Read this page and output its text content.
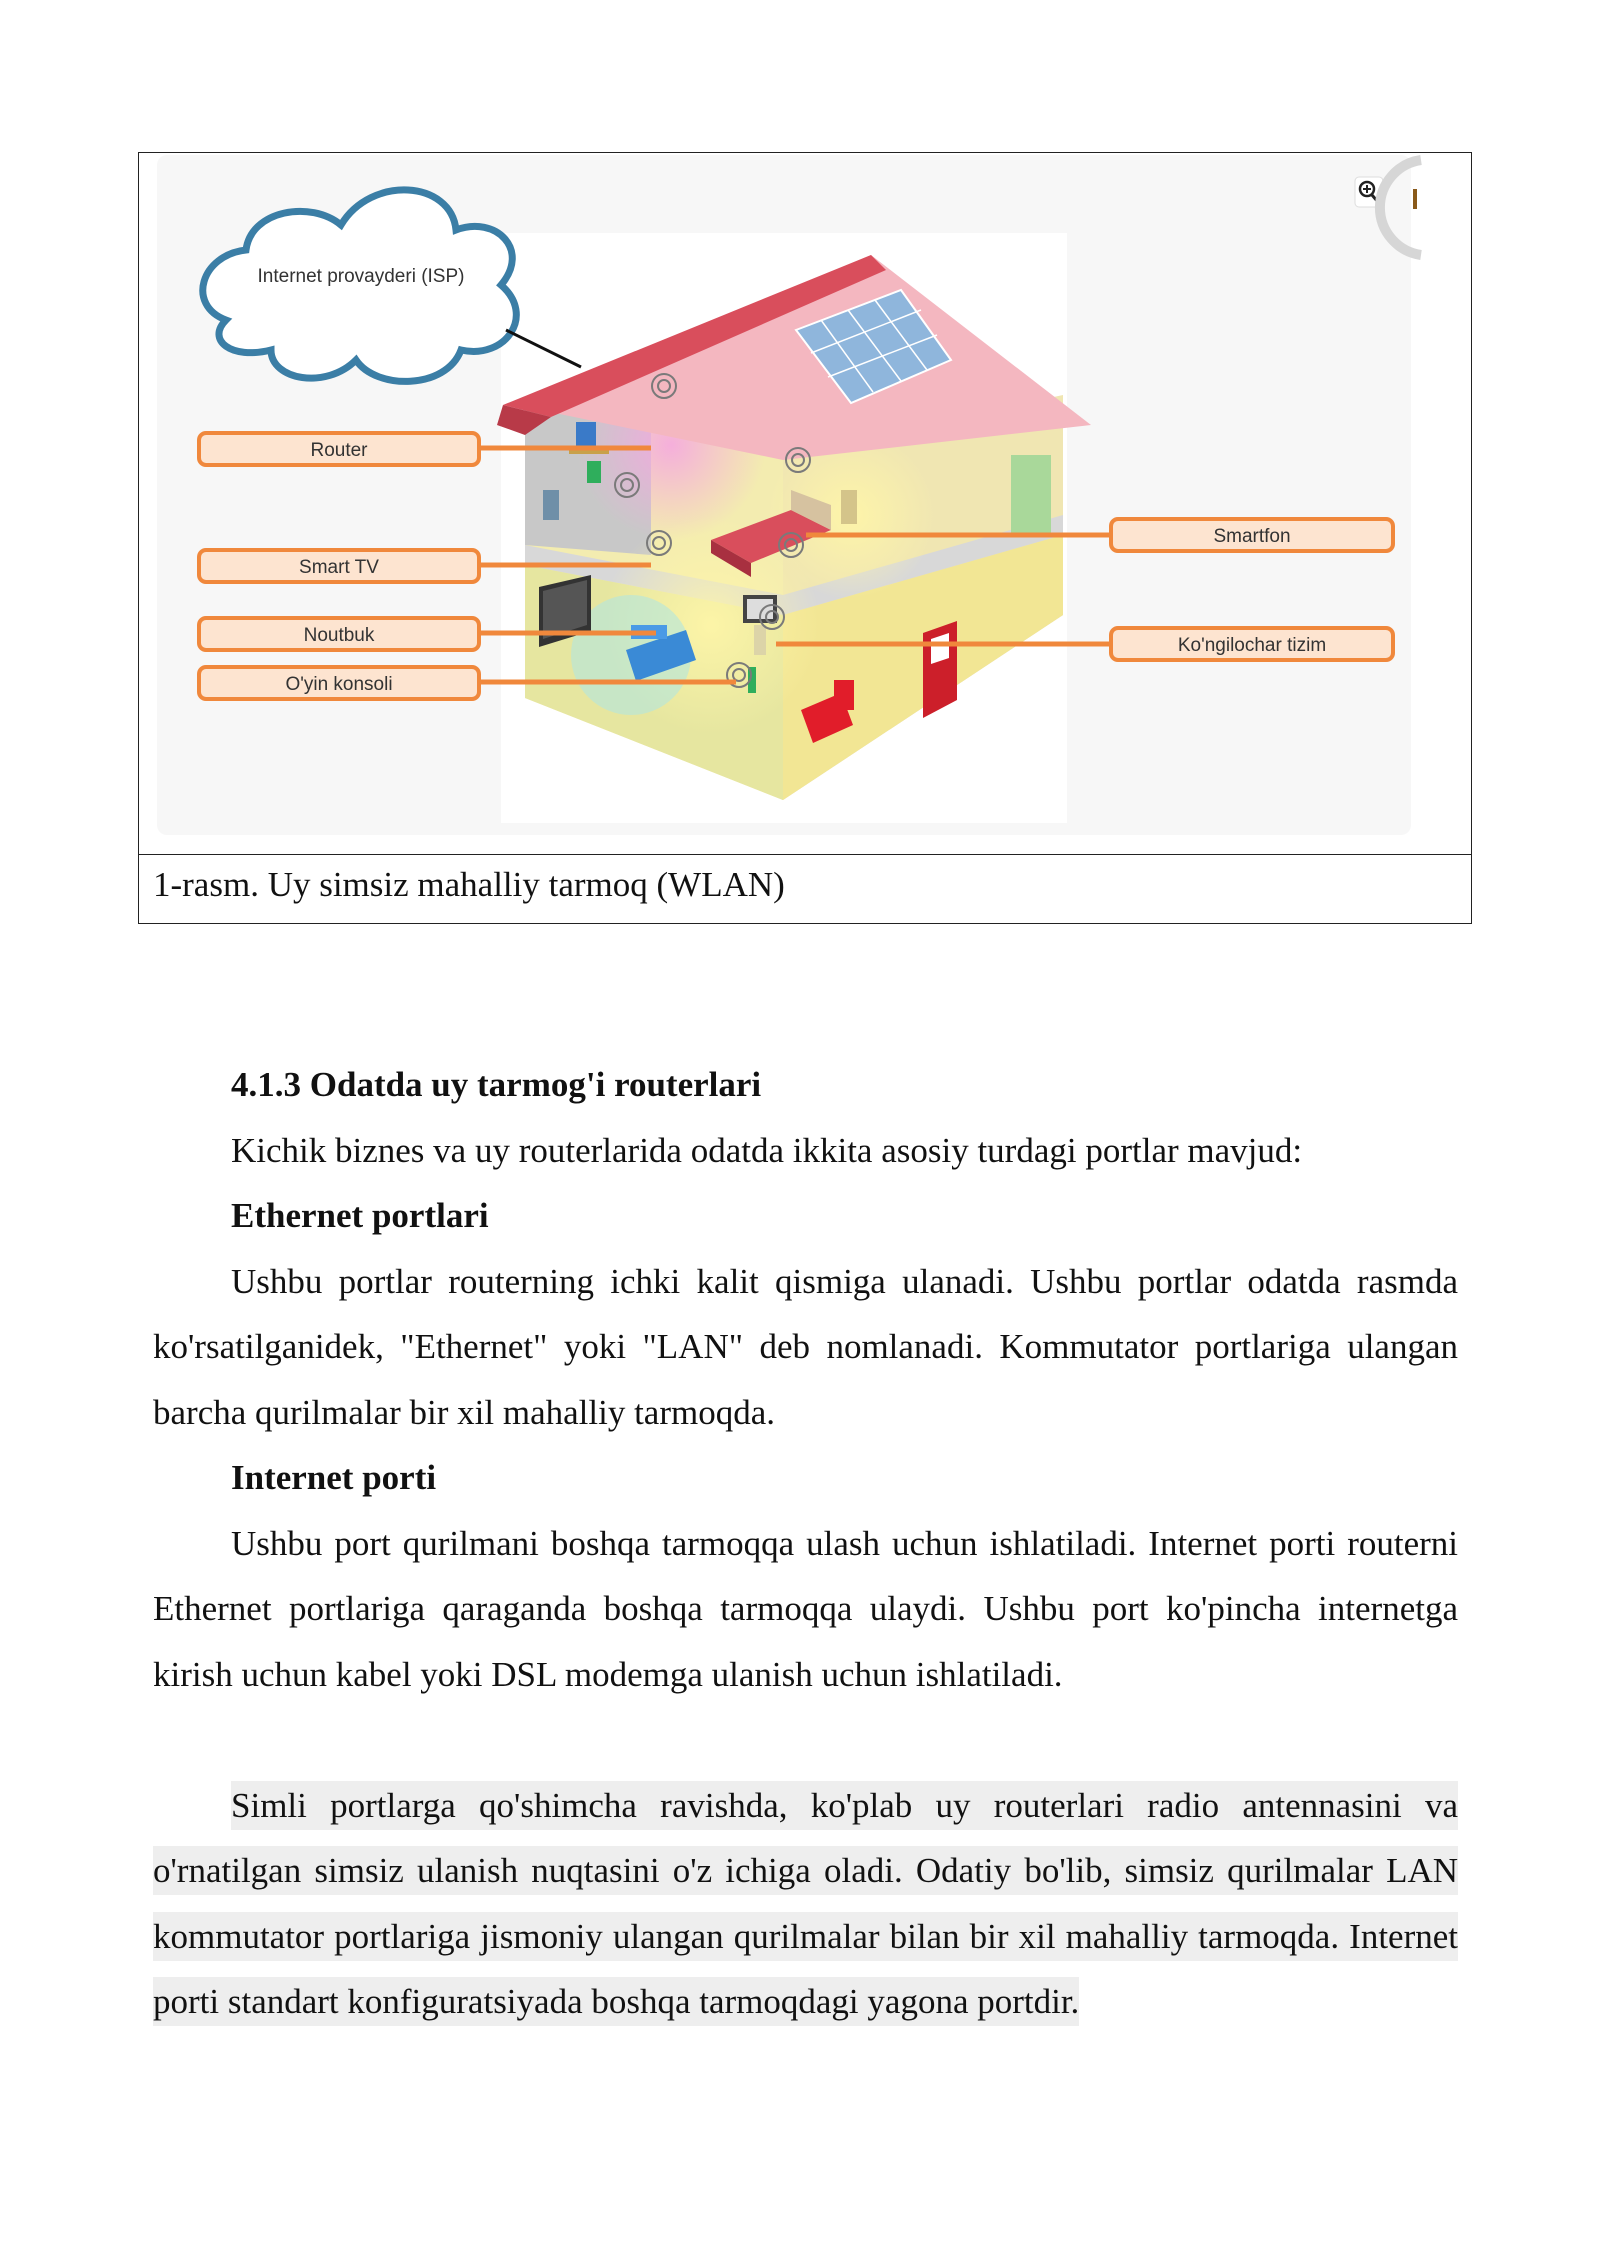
Internet provayderi (ISP)
Router
Smart TV
Noutbuk
O'yin konsoli
Smartfon
Ko'ngilochar tizim
1-rasm. Uy simsiz mahalliy tarmoq (WLAN)

4.1.3 Odatda uy tarmog'i routerlari

Kichik biznes va uy routerlarida odatda ikkita asosiy turdagi portlar mavjud:

Ethernet portlari

Ushbu portlar routerning ichki kalit qismiga ulanadi. Ushbu portlar odatda rasmda ko'rsatilganidek, "Ethernet" yoki "LAN" deb nomlanadi. Kommutator portlariga ulangan barcha qurilmalar bir xil mahalliy tarmoqda.

Internet porti

Ushbu port qurilmani boshqa tarmoqqa ulash uchun ishlatiladi. Internet porti routerni Ethernet portlariga qaraganda boshqa tarmoqqa ulaydi. Ushbu port ko'pincha internetga kirish uchun kabel yoki DSL modemga ulanish uchun ishlatiladi.

Simli portlarga qo'shimcha ravishda, ko'plab uy routerlari radio antennasini va o'rnatilgan simsiz ulanish nuqtasini o'z ichiga oladi. Odatiy bo'lib, simsiz qurilmalar LAN kommutator portlariga jismoniy ulangan qurilmalar bilan bir xil mahalliy tarmoqda. Internet porti standart konfiguratsiyada boshqa tarmoqdagi yagona portdir.
